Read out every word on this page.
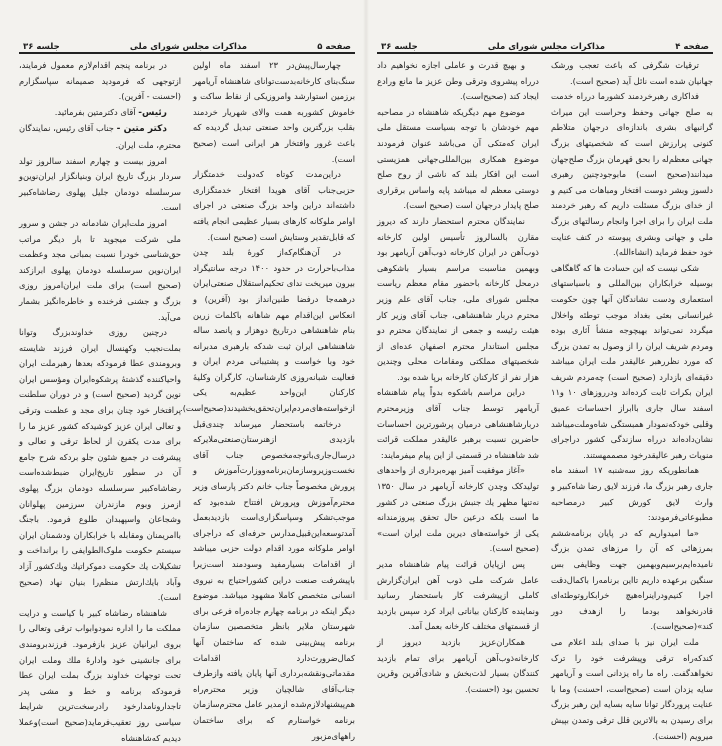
جلسه ۳۶	مذاکرات مجلس شورای ملی	صفحه ۵

چهارسال‌پیش‌در ۲۳ اسفند ماه اولین سنگ‌بنای کارخانه‌بدست‌توانای شاهنشاه آریامهر برزمین استوارشد وامروزیکی از نقاط ساکت و خاموش کشوربه همت والای شهریار خردمند بقلب بزرگترین واحد صنعتی تبدیل گردیده که باعث غرور وافتخار هر ایرانی است (صحیح است).

دراین‌مدت کوتاه که‌دولت خدمتگزار حزبی‌جناب آقای هویدا افتخار خدمتگزاری داشته‌اند دراین واحد بزرگ صنعتی در اجرای اوامر ملوکانه کارهای بسیار عظیمی انجام یافته که قابل‌تقدیر وستایش است (صحیح است).

در آن‌هنگام‌که‌از کورهٔ بلند چدن مذاب‌باحرارت در حدود ۱۴۰۰ درجه سانتیگراد بیرون میریخت ندای تحکیم‌استقلال صنعتی‌ایران درهمه‌جا درفضا طنین‌انداز بود (آفرین) و انعکاس این‌اقدام مهم شاهانه باکلمات زرین بنام شاهنشاهی درتاریخ دوهزار و پانصد ساله شاهنشاهی ایران ثبت شدکه بارهبری مدبرانه خود وبا خواست و پشتیبانی مردم ایران و فعالیت شبانه‌روزی کارشناسان، کارگران وکلیهٔ کارکنان این‌واحد عظیم‌به یکی ازخواسته‌های‌مردم‌ایران‌تحقق‌بخشیدند(صحیح‌است).

درخاتمه باستحضار میرساند چندی‌قبل بازدیدی ازهنرستان‌صنعتی‌ملایرکه درسال‌جاری‌باتوجه‌مخصوص جناب آقای نخست‌وزیروسازمان‌برنامه‌ووزارت‌آموزش و پرورش مخصوصاً جناب خانم دکتر پارسای وزیر محترم‌آموزش وپرورش افتتاح شده‌بود که موجب‌تشکر وسپاسگزاری‌است بازدیدبعمل آمدتوسعه‌این‌قبیل‌مدارس حرفه‌ای که دراجرای اوامر ملوکانه مورد اقدام دولت حزبی میباشد از اقدامات بسیارمفید وسودمند است‌زیرا باپیشرفت صنعت دراین کشوراحتیاج به نیروی انسانی متخصص کاملا مشهود میباشد. موضوع دیگر اینکه در برنامه چهارم جاده‌راه فرعی برای شهرستان ملایر بانظر متخصصین سازمان برنامه پیش‌بینی شده که ساختمان آنها کمال‌ضرورت‌دارد اقدامات مقدماتی‌ونقشه‌برداری آنها پایان یافته وازطرف جناب‌آقای شالچیان وزیر محترم‌راه هم‌پیشنهادلازم‌شده ازمدیر عامل محترم‌سازمان برنامه خواستارم که برای ساختمان راههای‌مزبور

در برنامه پنجم اقدام‌لازم معمول فرمایند، ازتوجهی که فرمودید صمیمانه سپاسگزارم (احسنت - آفرین).

رئیس- آقای دکترمتین بفرمائید.

دکتر متین - جناب آقای رئیس، نمایندگان محترم، ملت ایران.

امروز بیست و چهارم اسفند سالروز تولد سردار بزرگ تاریخ ایران وبنیانگزار ایران‌نوین‌و سرسلسله دودمان جلیل پهلوی رضاشاه‌کبیر است.

امروز ملت‌ایران شادمانه در جشن و سرور ملی شرکت میجوید تا بار دیگر مراتب حق‌شناسی خودرا نسبت بمبانی مجد وعظمت ایران‌نوین سرسلسله دودمان پهلوی ابرازکند (صحیح است) برای ملت ایران‌امروز روزی بزرگ و جشنی فرخنده و خاطره‌انگیز بشمار می‌آید.

درچنین روزی خداوندبزرگ وتوانا بملت‌نجیب وکهنسال ایران فرزند شایسته وبرومندی عطا فرمودکه بعدها رهبرملت ایران واحیاکننده گذشتهٔ پرشکوه‌ایران ومؤسس ایران نوین گردید (صحیح است) و در دوران سلطنت پرافتخار خود چنان برای مجد و عظمت وترقی و تعالی ایران عزیز کوشیدکه کشور عزیز ما را برای مدت یکقرن از لحاظ ترقی و تعالی و پیشرفت در جمیع شئون جلو بردکه شرح جامع آن در سطور تاریخ‌ایران ضبط‌شده‌است رضاشاه‌کبیر سرسلسله دودمان بزرگ پهلوی ازمرز وبوم مازندران سرزمین پهلوانان وشجاعان واسپهبدان طلوع فرمود. باجنگ باامریمنان ومقابله با خرابکاران ودشمنان ایران سیستم حکومت ملوک‌الطوایفی را برانداخت و تشکیلات یك حکومت دموکراتیك ویك‌کشور آزاد وآباد بایك‌ارتش منظم‌را بنیان نهاد (صحیح است).

شاهنشاه رضاشاه کبیر با کیاست و درایت مملکت ما را اداره نمودوابواب ترقی وتعالی را بروی ایرانیان عزیز بازفرمود. فرزندبرومندی برای جانشینی خود واداره‌ٔ ملك وملت ایران تحت توجهات خداوند بزرگ بملت ایران عطا فرمودکه برنامه و خط و مشی پدر تاجدارو‌نامدارخود رادرسخت‌ترین شرایط سیاسی روز تعقیب‌فرماید(صحیح است)وعملا دیدیم که‌شاهنشاه

جلسه ۳۶	مذاکرات مجلس شورای ملی	صفحه ۴

ترقیات شگرفی که باعث تعجب ورشک جهانیان شده است نائل آید (صحیح است).

فداکاری رهبرخردمند کشورما درراه خدمت به صلح جهانی وحفظ وحراست این میراث گرانبهای بشری باندازه‌ای درجهان متلاطم کنونی پرارزش است که شخصیتهای بزرگ جهانی معظم‌له را بحق قهرمان بزرگ صلح‌جهان میدانند(صحیح است) مابوجودچنین رهبری دلسوز وبشر دوست افتخار ومباهات می کنیم و از خدای بزرگ مسئلت داریم که رهبر خردمند ملت ایران را برای اجرا وانجام رسالتهای بزرگ ملی و جهانی وبشری پیوسته در کنف عنایت خود حفظ فرماید (انشاءالله).

شکی نیست که این حسادت ها که گاهگاهی بوسیله خرابکاران بین‌المللی و باسیاستهای استعماری ودست نشاندگان آنها چون حکومت غیرانسانی بعثی بغداد موجب توطئه واخلال میگردد نمی‌تواند بهیچوجه منشأ آثاری بوده ومردم شریف ایران را از وصول به تمدن بزرگ که مورد نظررهبر عالیقدر ملت ایران میباشد دقیقه‌ای بازدارد (صحیح است) چه‌مردم شریف ایران بکرات ثابت کرده‌اند ودرروزهای ۱۰ و۱۱ اسفند سال جاری باابراز احساسات عمیق وقلبی خودکه‌نمودار همبستگی شاه‌وملت‌میباشد نشان‌داده‌اند درراه سازندگی کشور دراجرای منویات رهبر عالیقدرخود مصممهستند.

همانطوریکه روز سه‌شنبه ۱۷ اسفند ماه جاری رهبر بزرگ ما، فرزند لایق رضا شاه‌کبیر و وارث لایق کورش کبیر درمصاحبه مطبوعاتی‌فرمودند:

«ما امیدواریم که در پایان برنامه‌ششم بمرزهائی که آن را مرزهای تمدن بزرگ نامیده‌ایم‌برسیم‌وبهمین جهت وظایفی بس سنگین برعهده داریم تااین برنامه‌را باکمال‌دقت اجرا کنیم‌ودراینراه‌هیچ خرابکاروتوطئه‌ای قادرنخواهد بودما را ازهدف دور کند»(صحیح‌است).

ملت ایران نیز با صدای بلند اعلام می کندکه‌راه ترقی وپیشرفت خود را ترک نخواهدگفت. راه ما راه یزدانی است و آریامهر سایه یزدان است (صحیح‌است، احسنت) وما با عنایت پروردگار توانا سایه بسایه این رهبر بزرگ برای رسیدن به بالاترین قلل ترقی وتمدن بپیش میرویم (احسنت).

و بهیچ قدرت و عاملی اجازه نخواهیم داد درراه پیشروی وترقی وطن عزیز ما مانع ورادع ایجاد کند (صحیح‌است).

موضوع مهم دیگریکه شاهنشاه در مصاحبه مهم خودشان با توجه بسیاست مستقل ملی ایران که‌متکی آن می‌باشد عنوان فرمودند موضوع همکاری بین‌المللی‌جهانی همزیستی است این افکار بلند که ناشی از روح صلح دوستی معظم له میباشد پایه واساس برقراری صلح پایدار درجهان است (صحیح است).

نمایندگان محترم استحضار دارند که دیروز مقارن بالسالروز تأسیس اولین کارخانه ذوب‌آهن در ایران کارخانه ذوب‌آهن آریامهر بود وبهمین مناسبت مراسم بسیار باشکوهی درمحل کارخانه باحضور مقام معظم ریاست مجلس شورای ملی، جناب آقای علم وزیر محترم دربار شاهنشاهی، جناب آقای وزیر کار هیئت رئیسه و جمعی از نمایندگان محترم دو مجلس استاندار محترم اصفهان عده‌ای از شخصیتهای مملکتی ومقامات محلی وچندین هزار نفر از کارکنان کارخانه برپا شده بود.

دراین مراسم باشکوه بدواً پیام شاهنشاه آریامهر توسط جناب آقای وزیرمحترم دربارشاهنشاهی درمیان پرشورترین احساسات حاضرین نسبت برهبر عالیقدر مملکت قرائت شد شاهنشاه در قسمتی از این پیام میفرمایند:

«آغاز موفقیت آمیز بهره‌برداری از واحدهای تولیدکک وچدن کارخانه آریامهر در سال ۱۳۵۰ نه‌تنها مظهر یك جنبش بزرگ صنعتی در کشور ما است بلکه درعین حال تحقق پیروزمندانه یکی از خواسته‌های دیرین ملت ایران است» (صحیح است).

پس ازپایان قرائت پیام شاهنشاه مدیر عامل شرکت ملی ذوب آهن ایران‌گزارش کاملی ازپیشرفت کار باستحضار رسانید ونماینده کارکنان بیاناتی ایراد کرد سپس بازدید از قسمتهای مختلف کارخانه بعمل آمد.

همکاران‌عزیز بازدید دیروز از کارخانه‌ذوب‌آهن آریامهر برای تمام بازدید کنندگان بسیار لذت‌بخش و شادی‌آفرین وقرین تحسین بود (احسنت).
